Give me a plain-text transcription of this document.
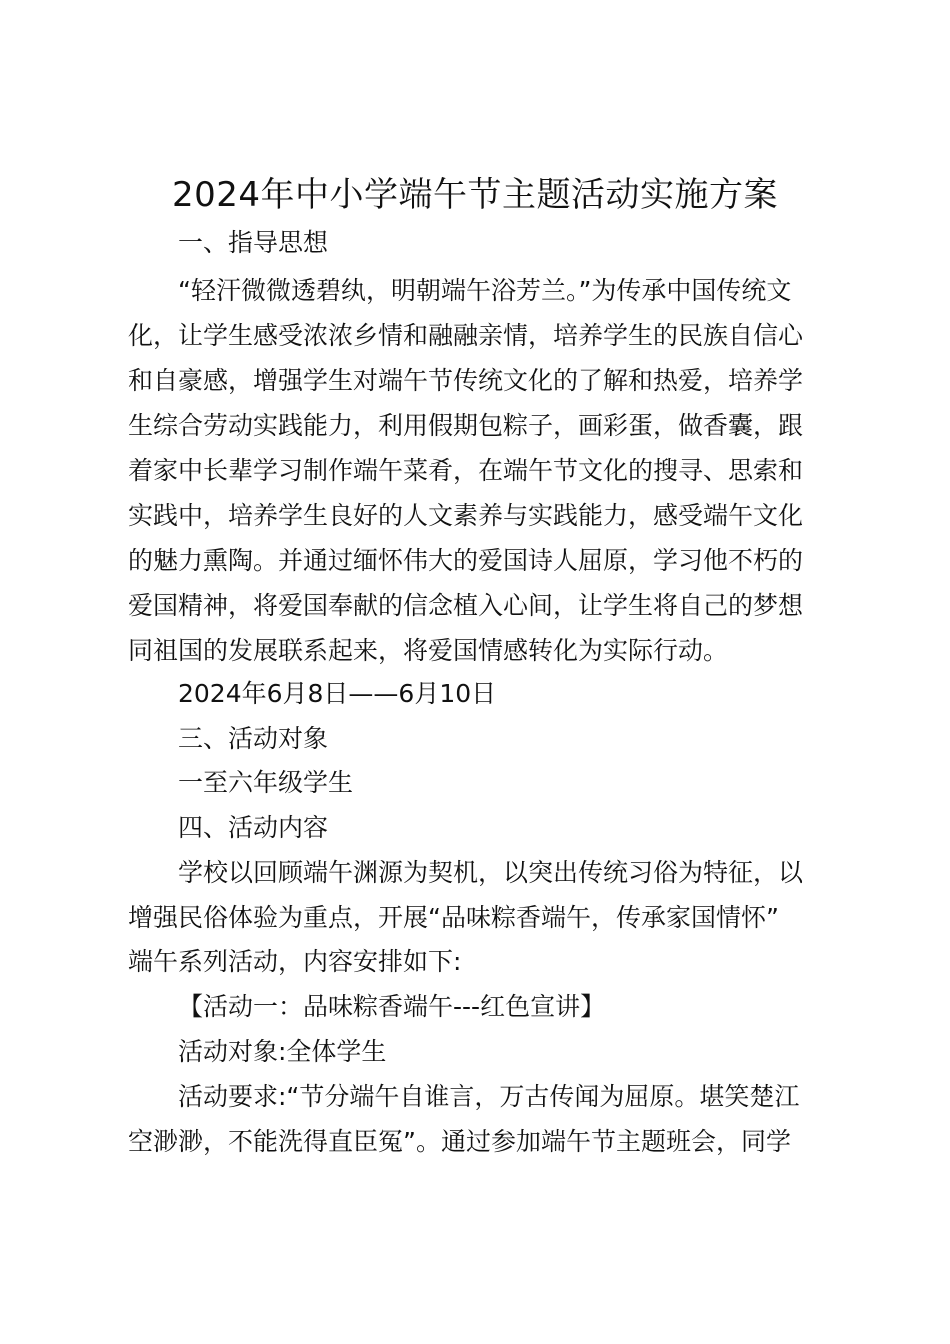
2024年中小学端午节主题活动实施方案
一、指导思想
“轻汗微微透碧纨，明朝端午浴芳兰。”为传承中国传统文
化，让学生感受浓浓乡情和融融亲情，培养学生的民族自信心
和自豪感，增强学生对端午节传统文化的了解和热爱，培养学
生综合劳动实践能力，利用假期包粽子，画彩蛋，做香囊，跟
着家中长辈学习制作端午菜肴，在端午节文化的搜寻、思索和
实践中，培养学生良好的人文素养与实践能力，感受端午文化
的魅力熏陶。并通过缅怀伟大的爱国诗人屈原，学习他不朽的
爱国精神，将爱国奉献的信念植入心间，让学生将自己的梦想
同祖国的发展联系起来，将爱国情感转化为实际行动。
2024年6月8日——6月10日
三、活动对象
一至六年级学生
四、活动内容
学校以回顾端午渊源为契机，以突出传统习俗为特征，以
增强民俗体验为重点，开展“品味粽香端午，传承家国情怀”
端午系列活动，内容安排如下:
【活动一：品味粽香端午---红色宣讲】
活动对象:全体学生
活动要求:“节分端午自谁言，万古传闻为屈原。堪笑楚江
空渺渺，不能洗得直臣冤”。通过参加端午节主题班会，同学
